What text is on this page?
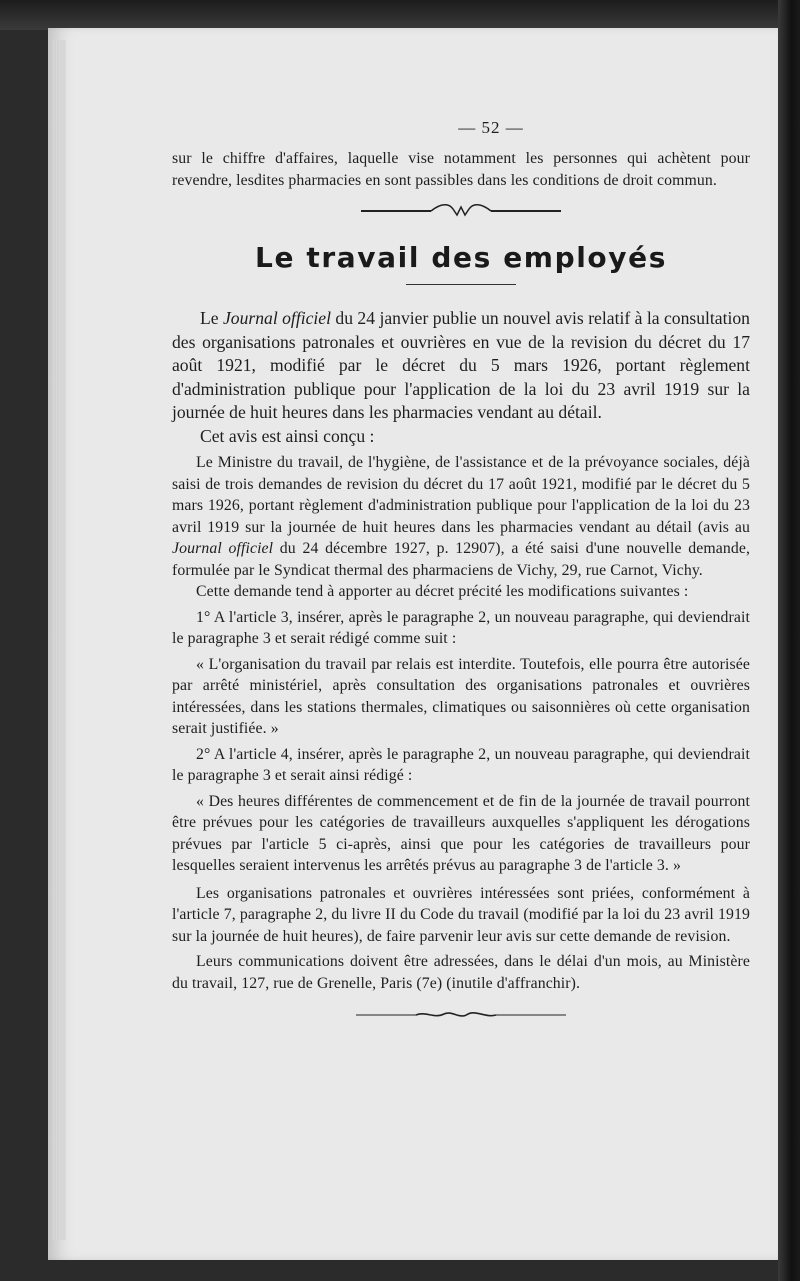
— 52 —

sur le chiffre d'affaires, laquelle vise notamment les personnes qui achètent pour revendre, lesdites pharmacies en sont passibles dans les conditions de droit commun.

Le travail des employés

Le Journal officiel du 24 janvier publie un nouvel avis relatif à la consultation des organisations patronales et ouvrières en vue de la revision du décret du 17 août 1921, modifié par le décret du 5 mars 1926, portant règlement d'administration publique pour l'application de la loi du 23 avril 1919 sur la journée de huit heures dans les pharmacies vendant au détail.

Cet avis est ainsi conçu :

Le Ministre du travail, de l'hygiène, de l'assistance et de la prévoyance sociales, déjà saisi de trois demandes de revision du décret du 17 août 1921, modifié par le décret du 5 mars 1926, portant règlement d'administration publique pour l'application de la loi du 23 avril 1919 sur la journée de huit heures dans les pharmacies vendant au détail (avis au Journal officiel du 24 décembre 1927, p. 12907), a été saisi d'une nouvelle demande, formulée par le Syndicat thermal des pharmaciens de Vichy, 29, rue Carnot, Vichy.

Cette demande tend à apporter au décret précité les modifications suivantes :

1° A l'article 3, insérer, après le paragraphe 2, un nouveau paragraphe, qui deviendrait le paragraphe 3 et serait rédigé comme suit :

« L'organisation du travail par relais est interdite. Toutefois, elle pourra être autorisée par arrêté ministériel, après consultation des organisations patronales et ouvrières intéressées, dans les stations thermales, climatiques ou saisonnières où cette organisation serait justifiée. »

2° A l'article 4, insérer, après le paragraphe 2, un nouveau paragraphe, qui deviendrait le paragraphe 3 et serait ainsi rédigé :

« Des heures différentes de commencement et de fin de la journée de travail pourront être prévues pour les catégories de travailleurs auxquelles s'appliquent les dérogations prévues par l'article 5 ci-après, ainsi que pour les catégories de travailleurs pour lesquelles seraient intervenus les arrêtés prévus au paragraphe 3 de l'article 3. »

Les organisations patronales et ouvrières intéressées sont priées, conformément à l'article 7, paragraphe 2, du livre II du Code du travail (modifié par la loi du 23 avril 1919 sur la journée de huit heures), de faire parvenir leur avis sur cette demande de revision.

Leurs communications doivent être adressées, dans le délai d'un mois, au Ministère du travail, 127, rue de Grenelle, Paris (7e) (inutile d'affranchir).
